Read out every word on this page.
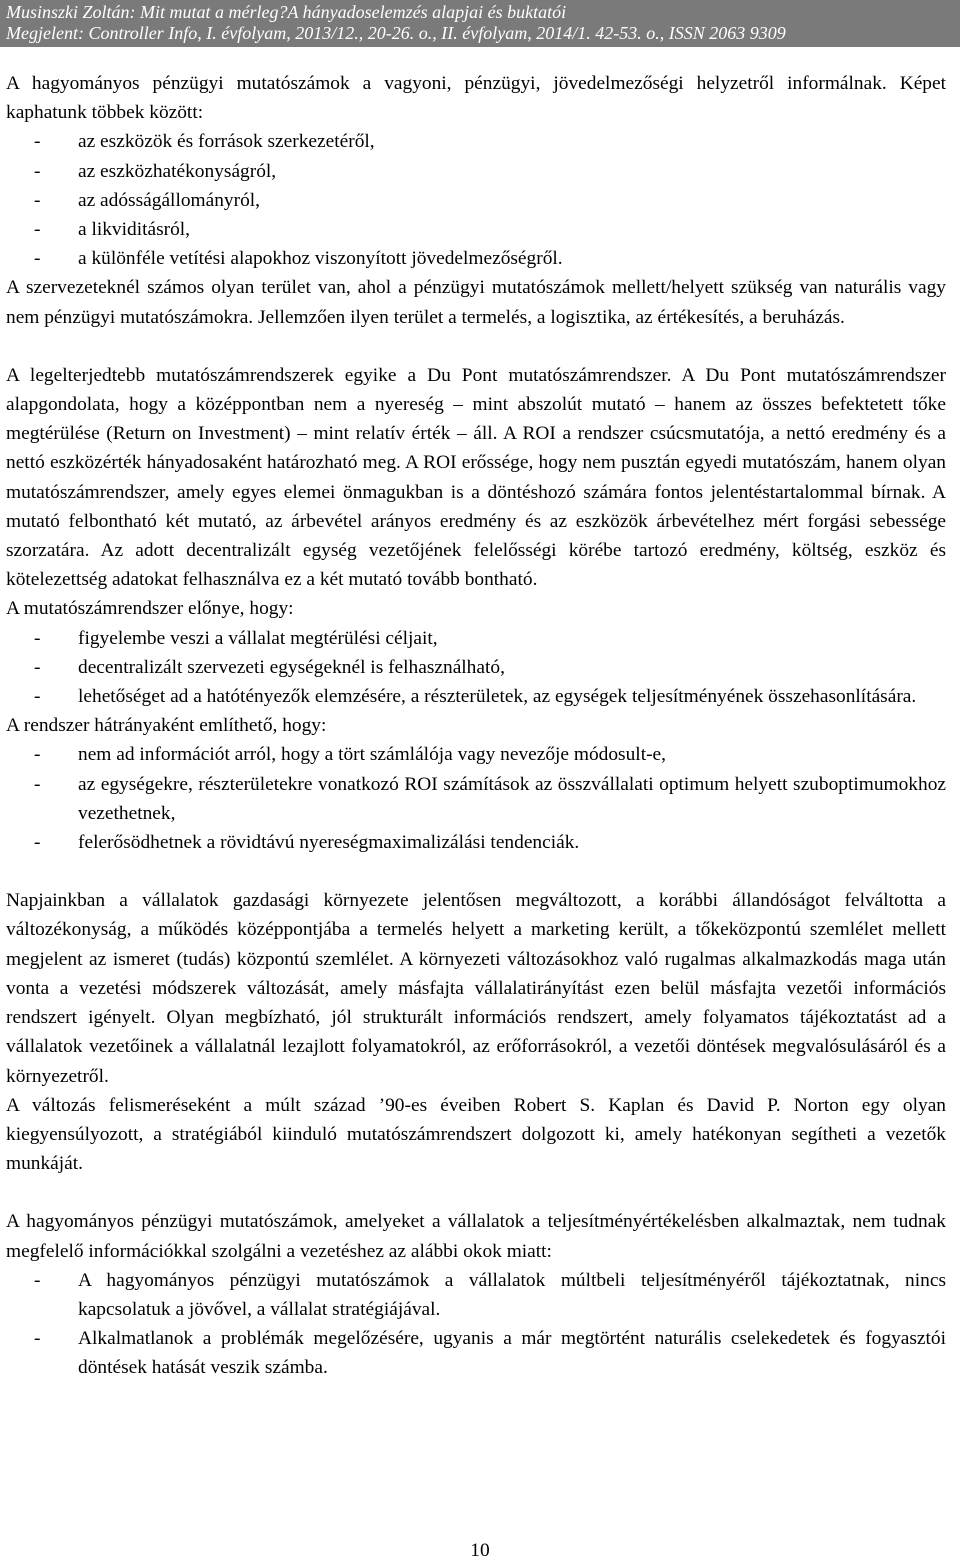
Musinszki Zoltán: Mit mutat a mérleg?A hányadoselemzés alapjai és buktatói
Megjelent: Controller Info, I. évfolyam, 2013/12., 20-26. o., II. évfolyam, 2014/1. 42-53. o., ISSN 2063 9309

A hagyományos pénzügyi mutatószámok a vagyoni, pénzügyi, jövedelmezőségi helyzetről informálnak. Képet kaphatunk többek között:

-	az eszközök és források szerkezetéről,
-	az eszközhatékonyságról,
-	az adósságállományról,
-	a likviditásról,
-	a különféle vetítési alapokhoz viszonyított jövedelmezőségről.

A szervezeteknél számos olyan terület van, ahol a pénzügyi mutatószámok mellett/helyett szükség van naturális vagy nem pénzügyi mutatószámokra. Jellemzően ilyen terület a termelés, a logisztika, az értékesítés, a beruházás.

A legelterjedtebb mutatószámrendszerek egyike a Du Pont mutatószámrendszer. A Du Pont mutatószámrendszer alapgondolata, hogy a középpontban nem a nyereség – mint abszolút mutató – hanem az összes befektetett tőke megtérülése (Return on Investment) – mint relatív érték – áll. A ROI a rendszer csúcsmutatója, a nettó eredmény és a nettó eszközérték hányadosaként határozható meg. A ROI erőssége, hogy nem pusztán egyedi mutatószám, hanem olyan mutatószámrendszer, amely egyes elemei önmagukban is a döntéshozó számára fontos jelentéstartalommal bírnak. A mutató felbontható két mutató, az árbevétel arányos eredmény és az eszközök árbevételhez mért forgási sebessége szorzatára. Az adott decentralizált egység vezetőjének felelősségi körébe tartozó eredmény, költség, eszköz és kötelezettség adatokat felhasználva ez a két mutató tovább bontható.

A mutatószámrendszer előnye, hogy:

-	figyelembe veszi a vállalat megtérülési céljait,
-	decentralizált szervezeti egységeknél is felhasználható,
-	lehetőséget ad a hatótényezők elemzésére, a részterületek, az egységek teljesítményének összehasonlítására.

A rendszer hátrányaként említhető, hogy:

-	nem ad információt arról, hogy a tört számlálója vagy nevezője módosult-e,
-	az egységekre, részterületekre vonatkozó ROI számítások az összvállalati optimum helyett szuboptimumokhoz vezethetnek,
-	felerősödhetnek a rövidtávú nyereségmaximalizálási tendenciák.

Napjainkban a vállalatok gazdasági környezete jelentősen megváltozott, a korábbi állandóságot felváltotta a változékonyság, a működés középpontjába a termelés helyett a marketing került, a tőkeközpontú szemlélet mellett megjelent az ismeret (tudás) központú szemlélet. A környezeti változásokhoz való rugalmas alkalmazkodás maga után vonta a vezetési módszerek változását, amely másfajta vállalatirányítást ezen belül másfajta vezetői információs rendszert igényelt. Olyan megbízható, jól strukturált információs rendszert, amely folyamatos tájékoztatást ad a vállalatok vezetőinek a vállalatnál lezajlott folyamatokról, az erőforrásokról, a vezetői döntések megvalósulásáról és a környezetről.

A változás felismeréseként a múlt század ’90-es éveiben Robert S. Kaplan és David P. Norton egy olyan kiegyensúlyozott, a stratégiából kiinduló mutatószámrendszert dolgozott ki, amely hatékonyan segítheti a vezetők munkáját.

A hagyományos pénzügyi mutatószámok, amelyeket a vállalatok a teljesítményértékelésben alkalmaztak, nem tudnak megfelelő információkkal szolgálni a vezetéshez az alábbi okok miatt:

-	A hagyományos pénzügyi mutatószámok a vállalatok múltbeli teljesítményéről tájékoztatnak, nincs kapcsolatuk a jövővel, a vállalat stratégiájával.
-	Alkalmatlanok a problémák megelőzésére, ugyanis a már megtörtént naturális cselekedetek és fogyasztói döntések hatását veszik számba.
10
